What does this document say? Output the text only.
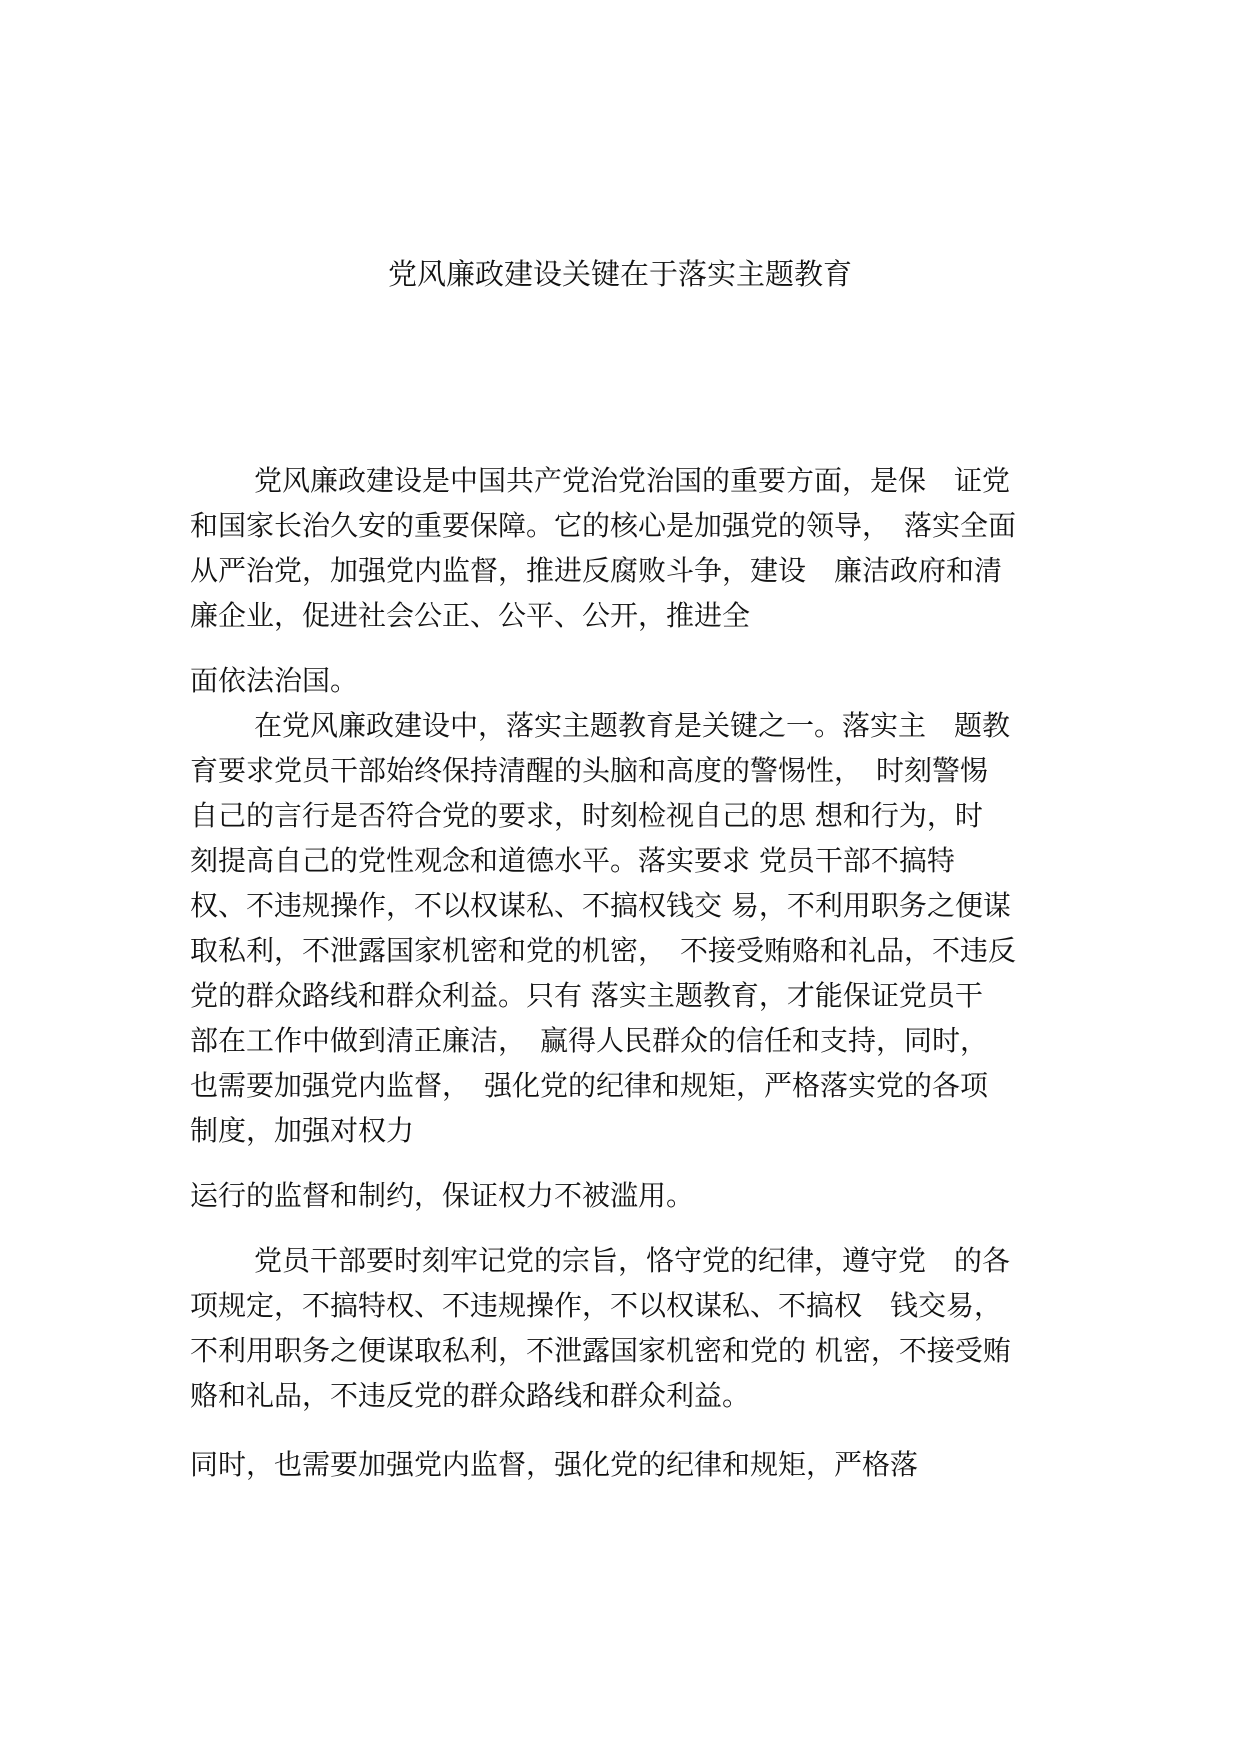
党风廉政建设关键在于落实主题教育
党风廉政建设是中国共产党治党治国的重要方面，是保　证党
和国家长治久安的重要保障。它的核心是加强党的领导，　落实全面
从严治党，加强党内监督，推进反腐败斗争，建设　廉洁政府和清
廉企业，促进社会公正、公平、公开，推进全
面依法治国。
在党风廉政建设中，落实主题教育是关键之一。落实主　题教
育要求党员干部始终保持清醒的头脑和高度的警惕性，　时刻警惕
自己的言行是否符合党的要求，时刻检视自己的思 想和行为，时
刻提高自己的党性观念和道德水平。落实要求 党员干部不搞特
权、不违规操作，不以权谋私、不搞权钱交 易，不利用职务之便谋
取私利，不泄露国家机密和党的机密，　不接受贿赂和礼品，不违反
党的群众路线和群众利益。只有 落实主题教育，才能保证党员干
部在工作中做到清正廉洁，　赢得人民群众的信任和支持，同时，
也需要加强党内监督，　强化党的纪律和规矩，严格落实党的各项
制度，加强对权力
运行的监督和制约，保证权力不被滥用。
党员干部要时刻牢记党的宗旨，恪守党的纪律，遵守党　的各
项规定，不搞特权、不违规操作，不以权谋私、不搞权　钱交易，
不利用职务之便谋取私利，不泄露国家机密和党的 机密，不接受贿
赂和礼品，不违反党的群众路线和群众利益。
同时，也需要加强党内监督，强化党的纪律和规矩，严格落
